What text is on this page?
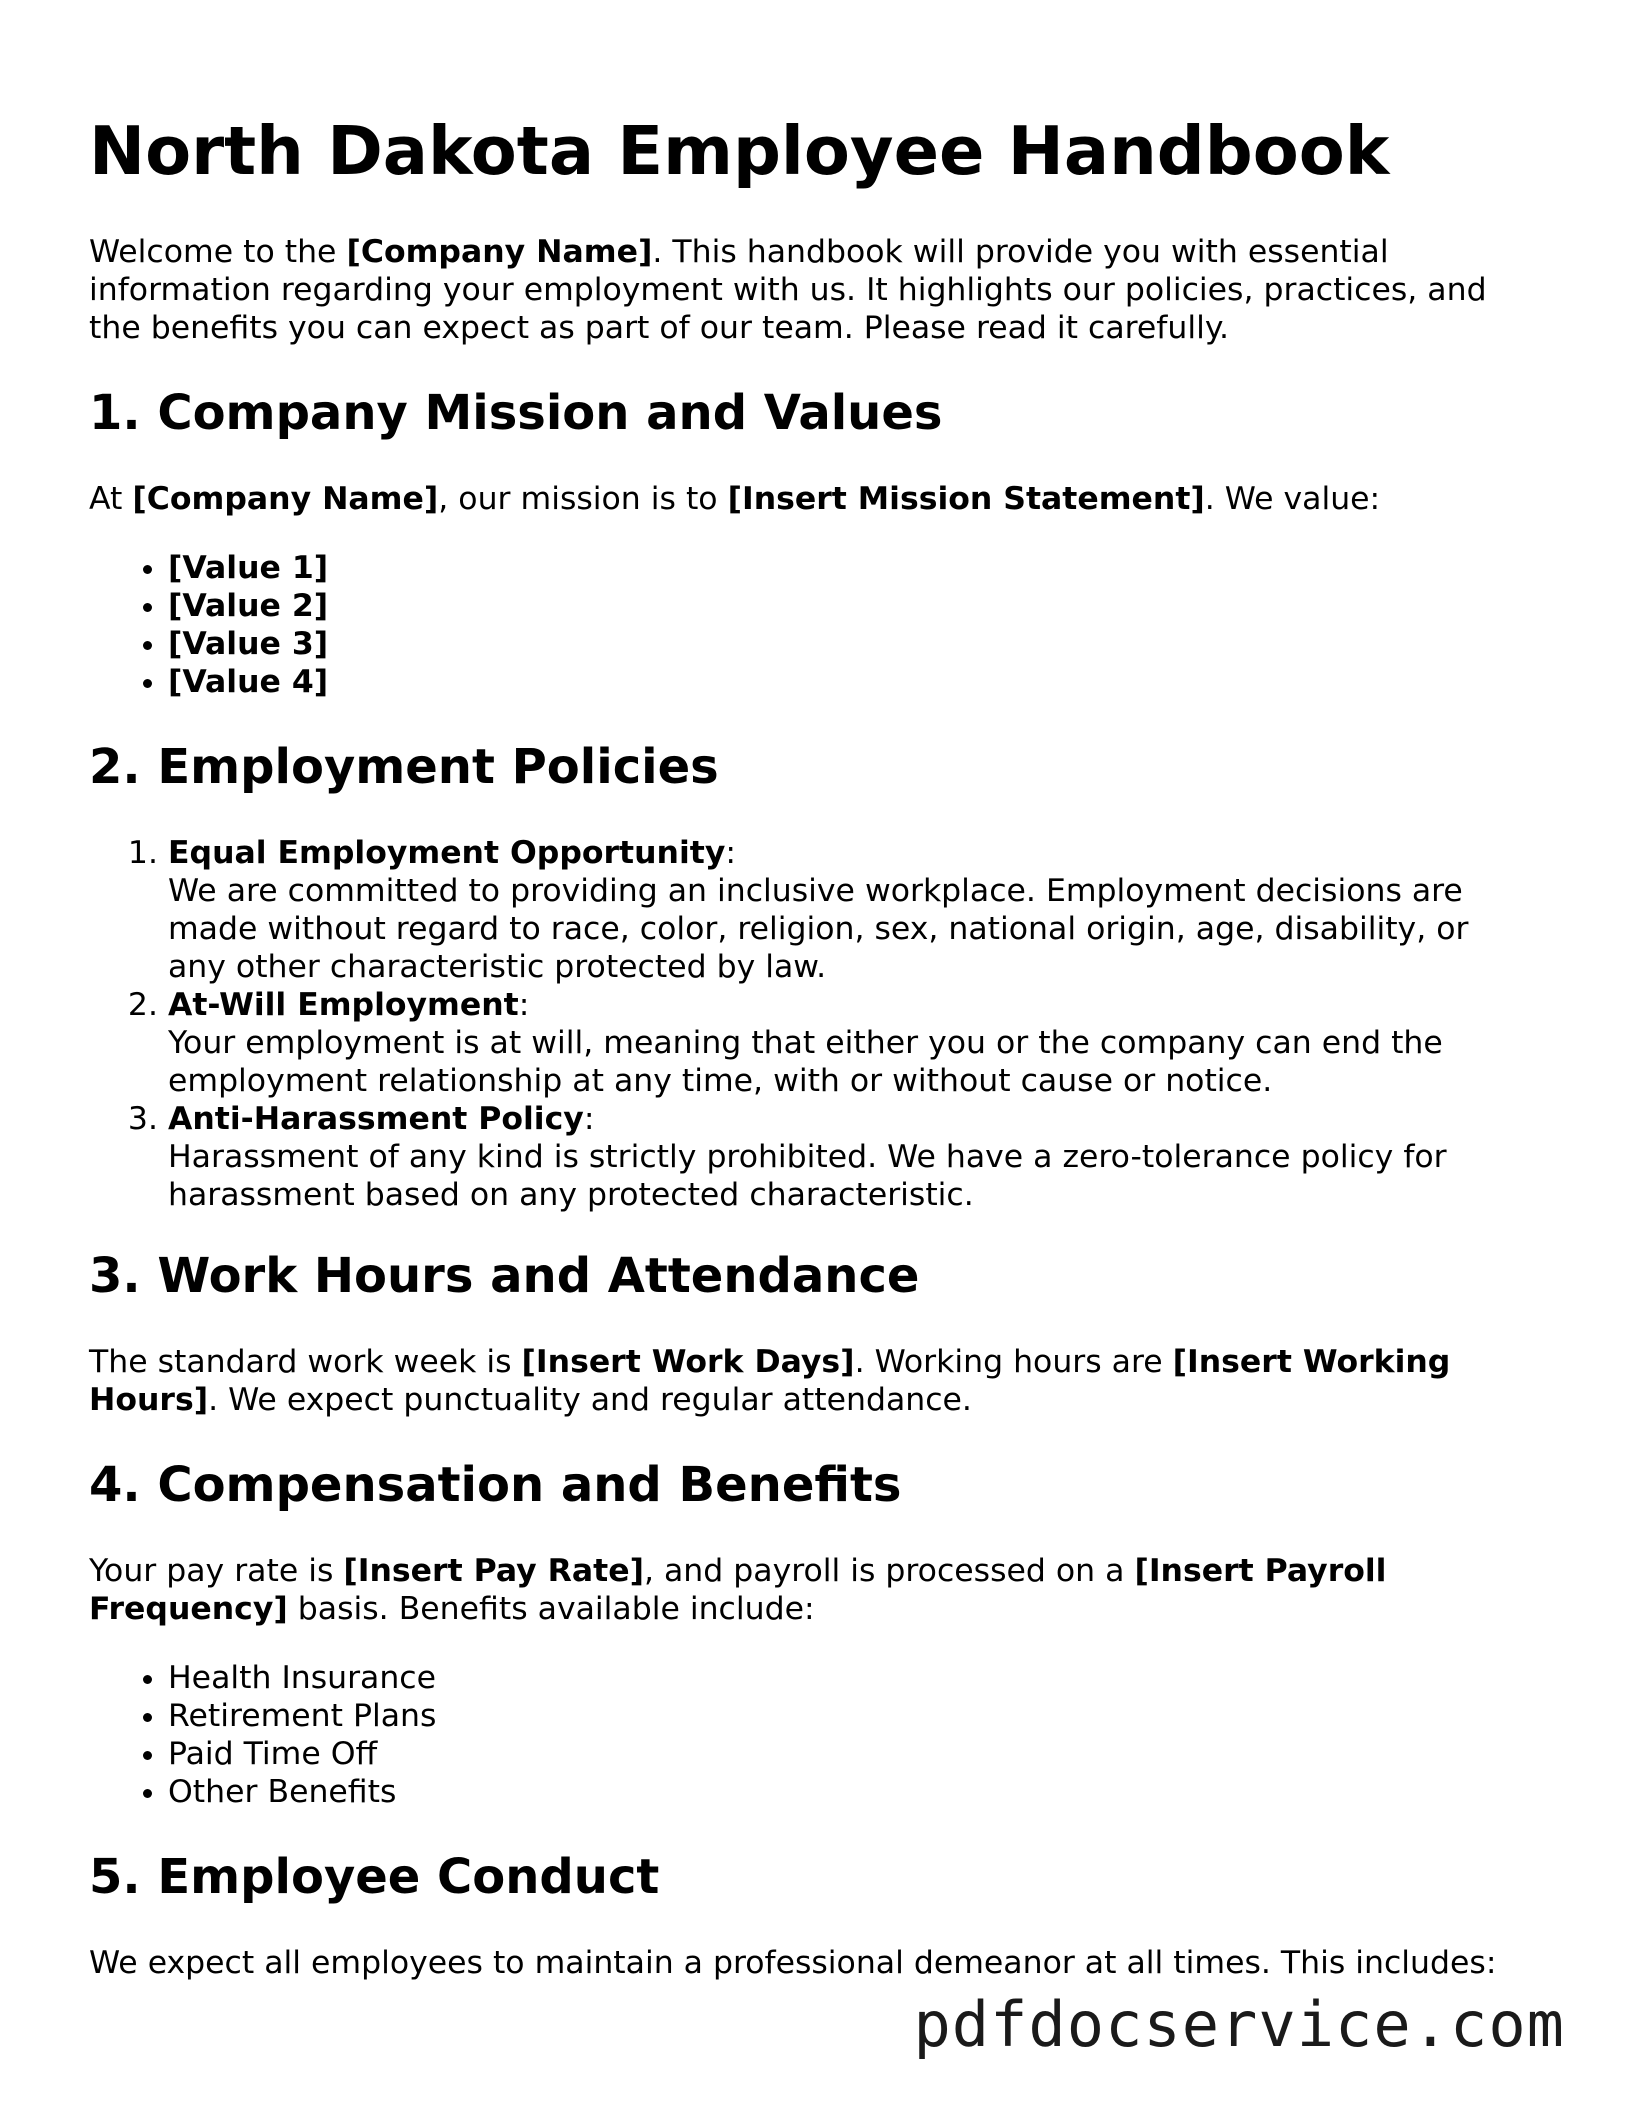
North Dakota Employee Handbook

Welcome to the [Company Name]. This handbook will provide you with essential information regarding your employment with us. It highlights our policies, practices, and the benefits you can expect as part of our team. Please read it carefully.

1. Company Mission and Values

At [Company Name], our mission is to [Insert Mission Statement]. We value:

• [Value 1]
• [Value 2]
• [Value 3]
• [Value 4]
2. Employment Policies
1. Equal Employment Opportunity:
We are committed to providing an inclusive workplace. Employment decisions are made without regard to race, color, religion, sex, national origin, age, disability, or any other characteristic protected by law.
2. At-Will Employment:
Your employment is at will, meaning that either you or the company can end the employment relationship at any time, with or without cause or notice.
3. Anti-Harassment Policy:
Harassment of any kind is strictly prohibited. We have a zero-tolerance policy for harassment based on any protected characteristic.
3. Work Hours and Attendance

The standard work week is [Insert Work Days]. Working hours are [Insert Working Hours]. We expect punctuality and regular attendance.

4. Compensation and Benefits

Your pay rate is [Insert Pay Rate], and payroll is processed on a [Insert Payroll Frequency] basis. Benefits available include:

• Health Insurance
• Retirement Plans
• Paid Time Off
• Other Benefits
5. Employee Conduct

We expect all employees to maintain a professional demeanor at all times. This includes:

pdfdocservice.com
